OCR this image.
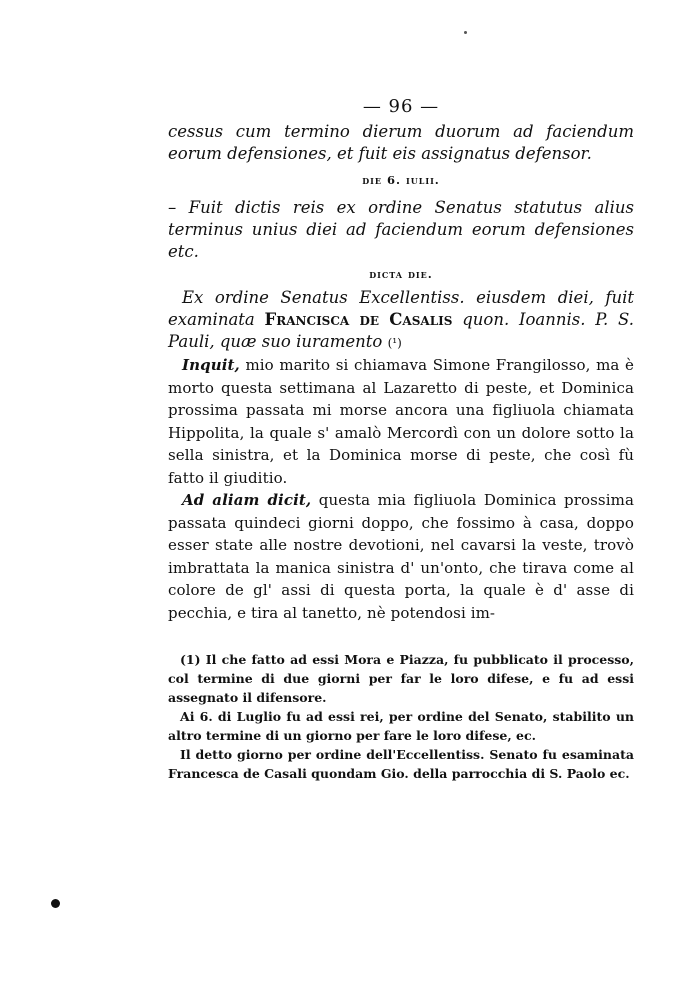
— 96 —

cessus cum termino dierum duorum ad faciendum eorum defensiones, et fuit eis assignatus defensor.

die 6. iulii.

– Fuit dictis reis ex ordine Senatus statutus alius terminus unius diei ad faciendum eorum defensiones etc.

dicta die.

Ex ordine Senatus Excellentiss. eiusdem diei, fuit examinata Francisca de Casalis quon. Ioannis. P. S. Pauli, quæ suo iuramento (¹)

Inquit, mio marito si chiamava Simone Frangilosso, ma è morto questa settimana al Lazaretto di peste, et Dominica prossima passata mi morse ancora una figliuola chiamata Hippolita, la quale s' amalò Mercordì con un dolore sotto la sella sinistra, et la Dominica morse di peste, che così fù fatto il giuditio.

Ad aliam dicit, questa mia figliuola Dominica prossima passata quindeci giorni doppo, che fossimo à casa, doppo esser state alle nostre devotioni, nel cavarsi la veste, trovò imbrattata la manica sinistra d' un'onto, che tirava come al colore de gl' assi di questa porta, la quale è d' asse di pecchia, e tira al tanetto, nè potendosi im-

(1) Il che fatto ad essi Mora e Piazza, fu pubblicato il processo, col termine di due giorni per far le loro difese, e fu ad essi assegnato il difensore.

Ai 6. di Luglio fu ad essi rei, per ordine del Senato, stabilito un altro termine di un giorno per fare le loro difese, ec.

Il detto giorno per ordine dell'Eccellentiss. Senato fu esaminata Francesca de Casali quondam Gio. della parrocchia di S. Paolo ec.
